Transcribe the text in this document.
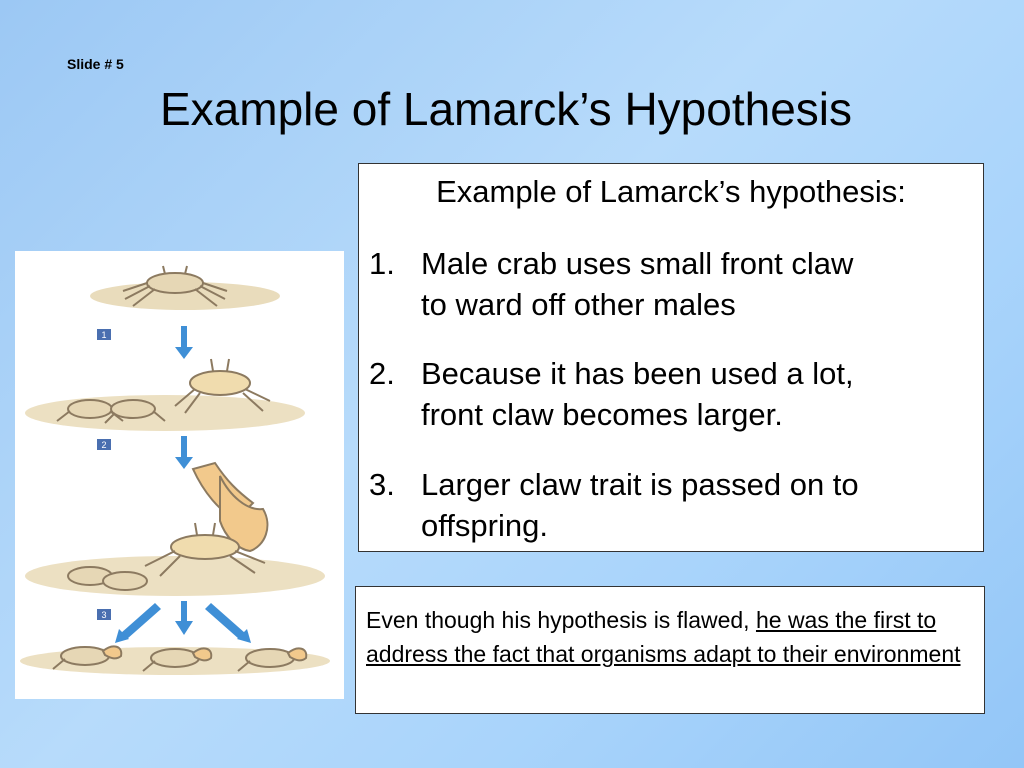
Slide # 5
Example of Lamarck’s Hypothesis
1
2
3
Example of Lamarck’s hypothesis:
1. Male crab uses small front claw
to ward off other males
2. Because it has been used a lot,
front claw becomes larger.
3. Larger claw trait is passed on to
offspring.
Even though his hypothesis is flawed, he was the first to address the fact that organisms adapt to their environment
